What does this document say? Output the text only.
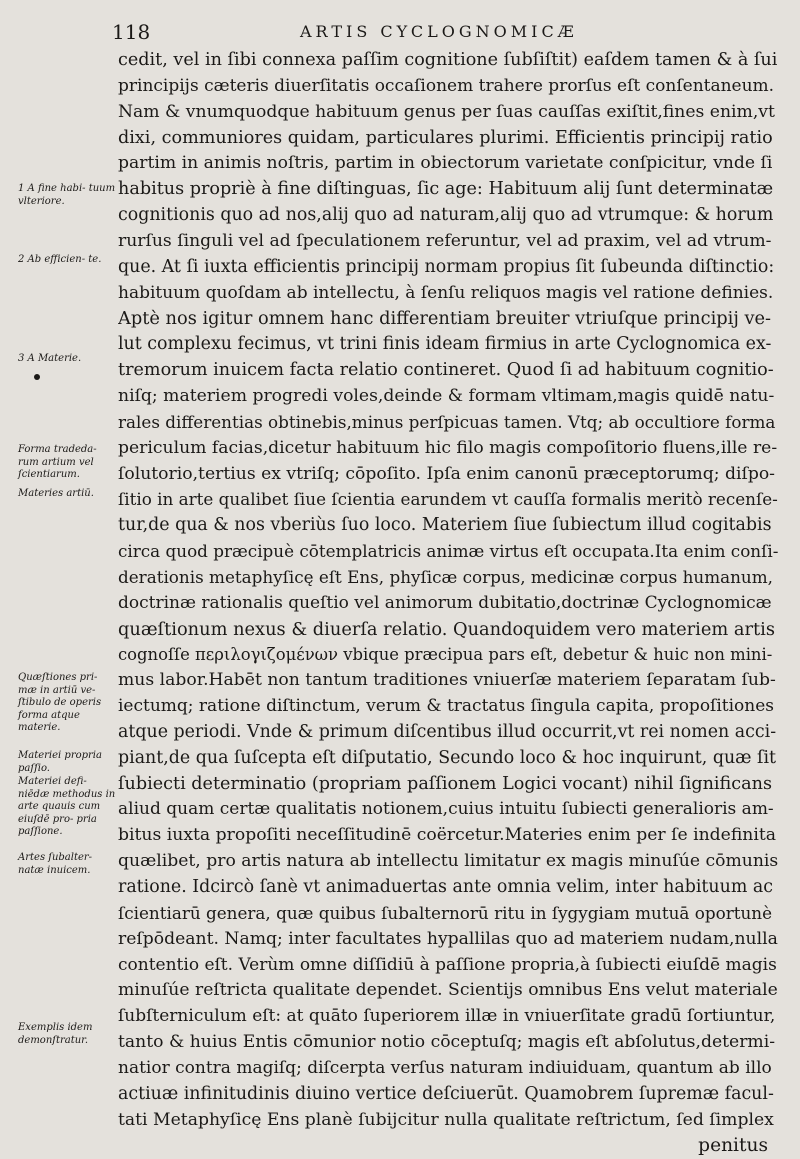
118	ARTIS CYCLOGNOMICÆ
cedit, vel in ſibi connexa paſſim cognitione ſubſiſtit) eaſdem tamen & à ſui
principijs cæteris diuerſitatis occaſionem trahere prorſus eſt conſentaneum.
Nam & vnumquodque habituum genus per ſuas cauſſas exiſtit,fines enim,vt
dixi, communiores quidam, particulares plurimi. Efficientis principij ratio
partim in animis noſtris, partim in obiectorum varietate conſpicitur, vnde ſi
habitus propriè à fine diſtinguas, ſic age: Habituum alij ſunt determinatæ
cognitionis quo ad nos,alij quo ad naturam,alij quo ad vtrumque: & horum
rurſus ſinguli vel ad ſpeculationem referuntur, vel ad praxim, vel ad vtrum-
que. At ſi iuxta efficientis principij normam propius ſit ſubeunda diſtinctio:
habituum quoſdam ab intellectu, à ſenſu reliquos magis vel ratione definies.
Aptè nos igitur omnem hanc differentiam breuiter vtriuſque principij ve-
lut complexu fecimus, vt trini finis ideam firmius in arte Cyclognomica ex-
tremorum inuicem facta relatio contineret. Quod ſi ad habituum cognitio-
niſq; materiem progredi voles,deinde & formam vltimam,magis quidē natu-
rales differentias obtinebis,minus perſpicuas tamen. Vtq; ab occultiore forma
periculum facias,dicetur habituum hic filo magis compoſitorio fluens,ille re-
ſolutorio,tertius ex vtriſq; cōpoſito. Ipſa enim canonū præceptorumq; diſpo-
ſitio in arte qualibet ſiue ſcientia earundem vt cauſſa formalis meritò recenſe-
tur,de qua & nos vberiùs ſuo loco. Materiem ſiue ſubiectum illud cogitabis
circa quod præcipuè cōtemplatricis animæ virtus eſt occupata.Ita enim conſi-
derationis metaphyſicę eſt Ens, phyſicæ corpus, medicinæ corpus humanum,
doctrinæ rationalis queſtio vel animorum dubitatio,doctrinæ Cyclognomicæ
quæſtionum nexus & diuerſa relatio. Quandoquidem vero materiem artis
cognoſſe περιλογιζομένων vbique præcipua pars eſt, debetur & huic non mini-
mus labor.Habēt non tantum traditiones vniuerſæ materiem ſeparatam ſub-
iectumq; ratione diſtinctum, verum & tractatus ſingula capita, propoſitiones
atque periodi. Vnde & primum diſcentibus illud occurrit,vt rei nomen acci-
piant,de qua ſuſcepta eſt diſputatio, Secundo loco & hoc inquirunt, quæ ſit
ſubiecti determinatio (propriam paſſionem Logici vocant) nihil ſignificans
aliud quam certæ qualitatis notionem,cuius intuitu ſubiecti generalioris am-
bitus iuxta propoſiti neceſſitudinē coërcetur.Materies enim per ſe indefinita
quælibet, pro artis natura ab intellectu limitatur ex magis minuſúe cōmunis
ratione. Idcircò ſanè vt animaduertas ante omnia velim, inter habituum ac
ſcientiarū genera, quæ quibus ſubalternorū ritu in ſygygiam mutuā oportunè
reſpōdeant. Namq; inter facultates hypallilas quo ad materiem nudam,nulla
contentio eſt. Verùm omne diſſidiū à paſſione propria,à ſubiecti eiuſdē magis
minuſúe reſtricta qualitate dependet. Scientijs omnibus Ens velut materiale
ſubſterniculum eſt: at quāto ſuperiorem illæ in vniuerſitate gradū ſortiuntur,
tanto & huius Entis cōmunior notio cōceptuſq; magis eſt abſolutus,determi-
natior contra magiſq; diſcerpta verſus naturam indiuiduam, quantum ab illo
actiuæ infinitudinis diuino vertice deſciuerūt. Quamobrem ſupremæ facul-
tati Metaphyſicę Ens planè ſubijcitur nulla qualitate reſtrictum, ſed ſimplex
penitus
1 A fine habi- tuum vlteriore.
2 Ab efficien- te.
3 A Materie.
Forma tradeda- rum artium vel ſcientiarum.
Materies artiū.
Quæſtiones pri- mæ in artiū ve- ſtibulo de operis forma atque materie.
Materiei propria paſſio.
Materiei defi- niēdæ methodus in arte quauis cum eiuſdē pro- pria paſſione.
Artes ſubalter- natæ inuicem.
Exemplis idem demonſtratur.
